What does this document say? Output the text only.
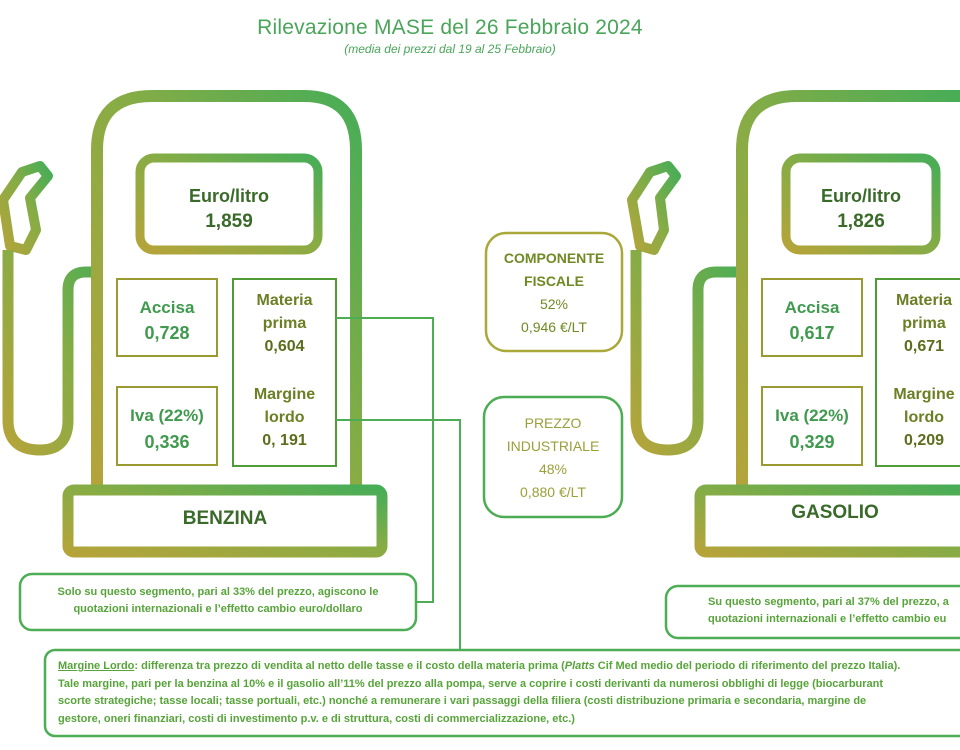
Rilevazione MASE del 26 Febbraio 2024
(media dei prezzi dal 19 al 25 Febbraio)
Euro/litro
1,859
Accisa
0,728
Iva (22%)
0,336
Materia
prima
0,604
Margine
lordo
0, 191
BENZINA
Solo su questo segmento, pari al 33% del prezzo, agiscono le
quotazioni internazionali e l’effetto cambio euro/dollaro
Euro/litro
1,826
Accisa
0,617
Iva (22%)
0,329
Materia
prima
0,671
Margine
lordo
0,209
GASOLIO
Su questo segmento, pari al 37% del prezzo, a
quotazioni internazionali e l’effetto cambio eu
COMPONENTE
FISCALE
52%
0,946 €/LT
PREZZO
INDUSTRIALE
48%
0,880 €/LT
Margine Lordo: differenza tra prezzo di vendita al netto delle tasse e il costo della materia prima (Platts Cif Med medio del periodo di riferimento del prezzo Italia).
Tale margine, pari per la benzina al 10% e il gasolio all’11% del prezzo alla pompa, serve a coprire i costi derivanti da numerosi obblighi di legge (biocarburant
scorte strategiche; tasse locali; tasse portuali, etc.) nonché a remunerare i vari passaggi della filiera (costi distribuzione primaria e secondaria, margine de
gestore, oneri finanziari, costi di investimento p.v. e di struttura, costi di commercializzazione, etc.)
